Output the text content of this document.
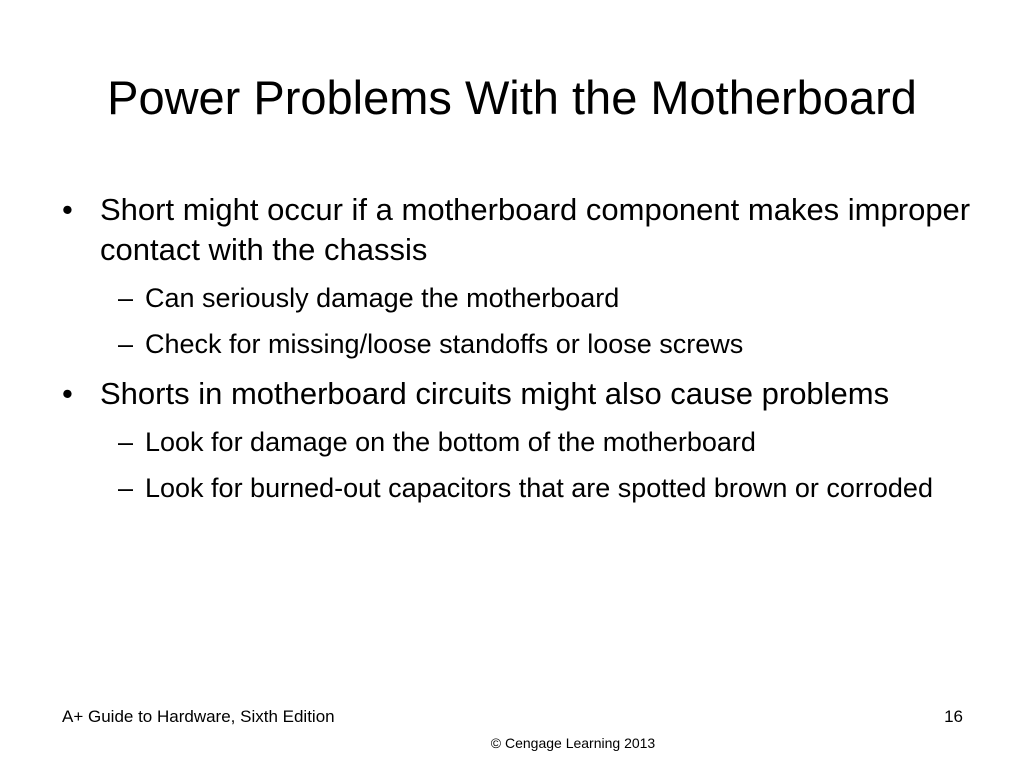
Power Problems With the Motherboard
• Short might occur if a motherboard component makes improper contact with the chassis
– Can seriously damage the motherboard
– Check for missing/loose standoffs or loose screws
• Shorts in motherboard circuits might also cause problems
– Look for damage on the bottom of the motherboard
– Look for burned-out capacitors that are spotted brown or corroded
A+ Guide to Hardware, Sixth Edition	16
© Cengage Learning 2013
